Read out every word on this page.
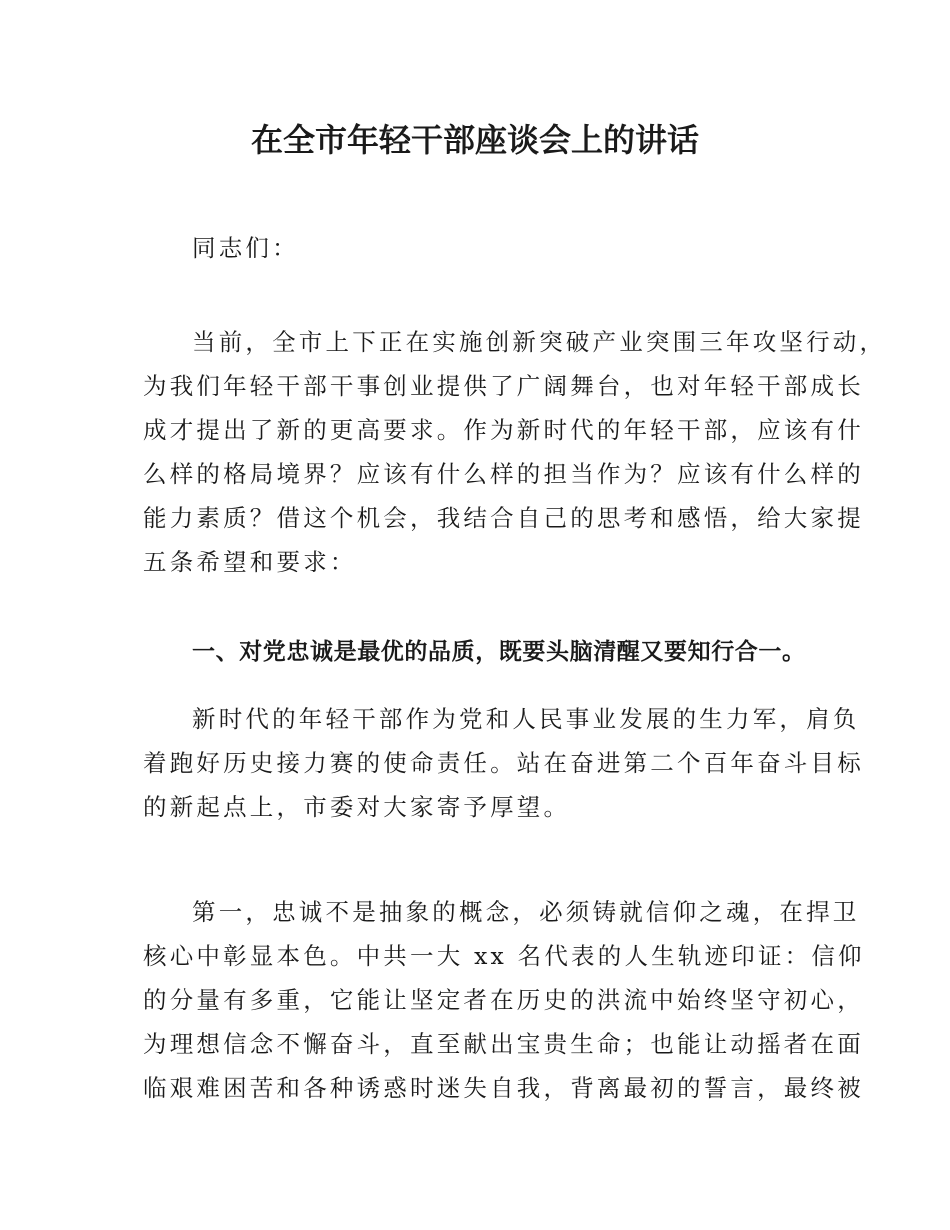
在全市年轻干部座谈会上的讲话
同志们：
当前，全市上下正在实施创新突破产业突围三年攻坚行动，
为我们年轻干部干事创业提供了广阔舞台，也对年轻干部成长
成才提出了新的更高要求。作为新时代的年轻干部，应该有什
么样的格局境界？应该有什么样的担当作为？应该有什么样的
能力素质？借这个机会，我结合自己的思考和感悟，给大家提
五条希望和要求：
一、对党忠诚是最优的品质，既要头脑清醒又要知行合一。
新时代的年轻干部作为党和人民事业发展的生力军，肩负
着跑好历史接力赛的使命责任。站在奋进第二个百年奋斗目标
的新起点上，市委对大家寄予厚望。
第一，忠诚不是抽象的概念，必须铸就信仰之魂，在捍卫
核心中彰显本色。中共一大 xx 名代表的人生轨迹印证：信仰
的分量有多重，它能让坚定者在历史的洪流中始终坚守初心，
为理想信念不懈奋斗，直至献出宝贵生命；也能让动摇者在面
临艰难困苦和各种诱惑时迷失自我，背离最初的誓言，最终被
